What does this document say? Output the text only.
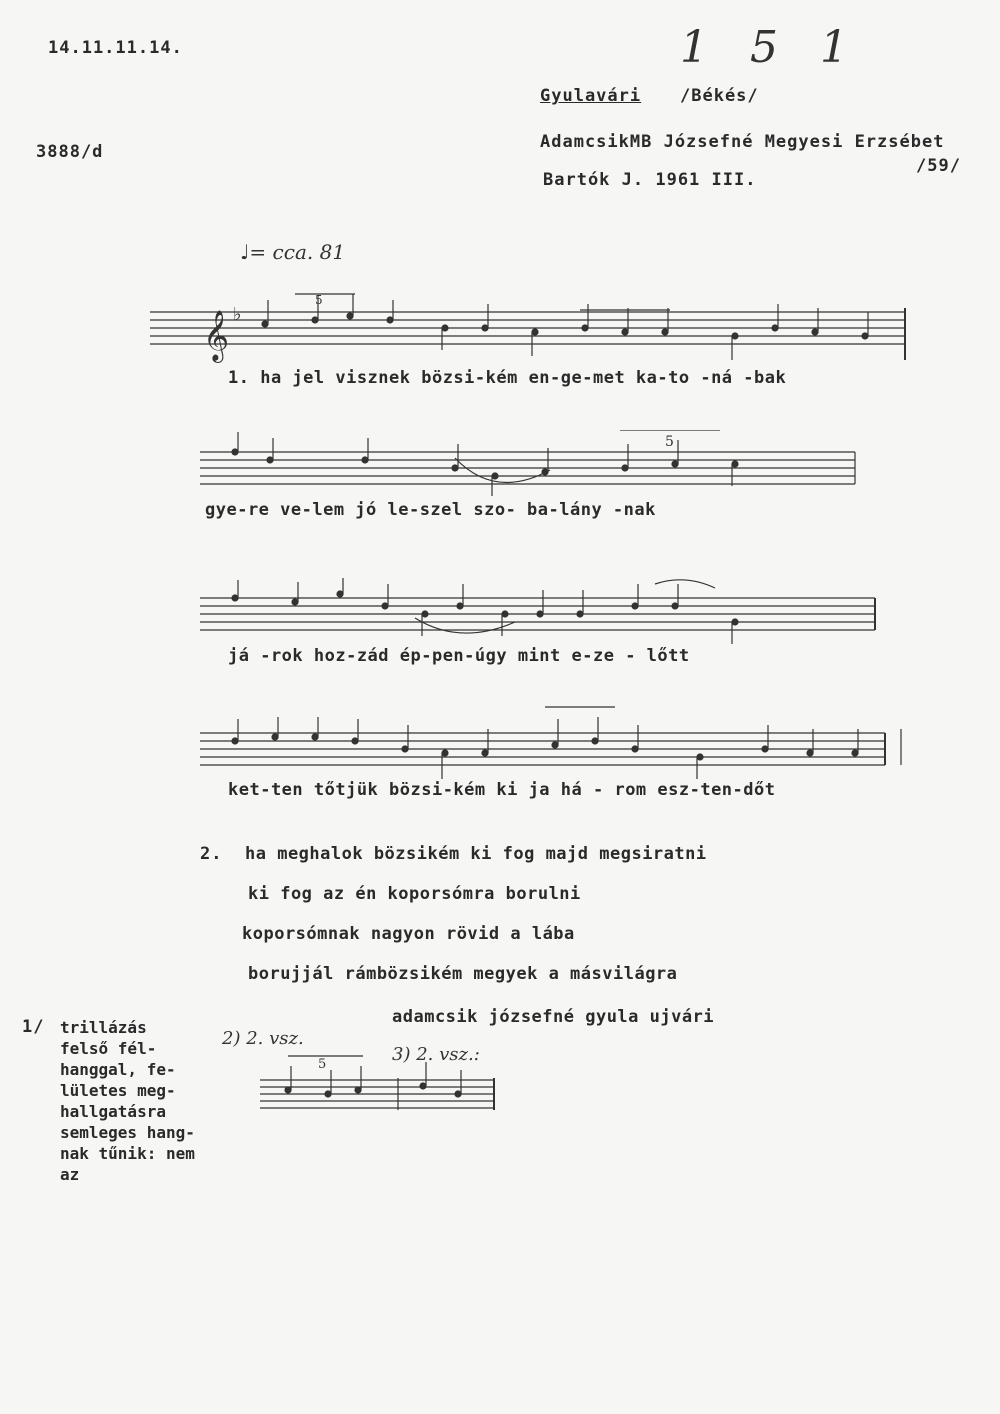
14.11.11.14.	1 5 1
3888/d
Gyulavári /Békés/
AdamcsikMB Józsefné Megyesi Erzsébet
/59/
Bartók J. 1961 III.
♩= cca. 81
𝄞 ♭
5
1. ha jel visznek bözsi-kém en-ge-met ka-to -ná -bak
5
gye-re ve-lem jó le-szel szo- ba-lány -nak
já -rok hoz-zád ép-pen-úgy mint e-ze - lőtt
ket-ten tőtjük bözsi-kém ki ja há - rom esz-ten-dőt
2. ha meghalok bözsikém ki fog majd megsiratni
ki fog az én koporsómra borulni
koporsómnak nagyon rövid a lába
borujjál rámbözsikém megyek a másvilágra
adamcsik józsefné gyula ujvári
1/ trillázás
felső fél-
hanggal, fe-
lületes meg-
hallgatásra
semleges hang-
nak tűnik: nem
az
2) 2. vsz.
3) 2. vsz.:
5
